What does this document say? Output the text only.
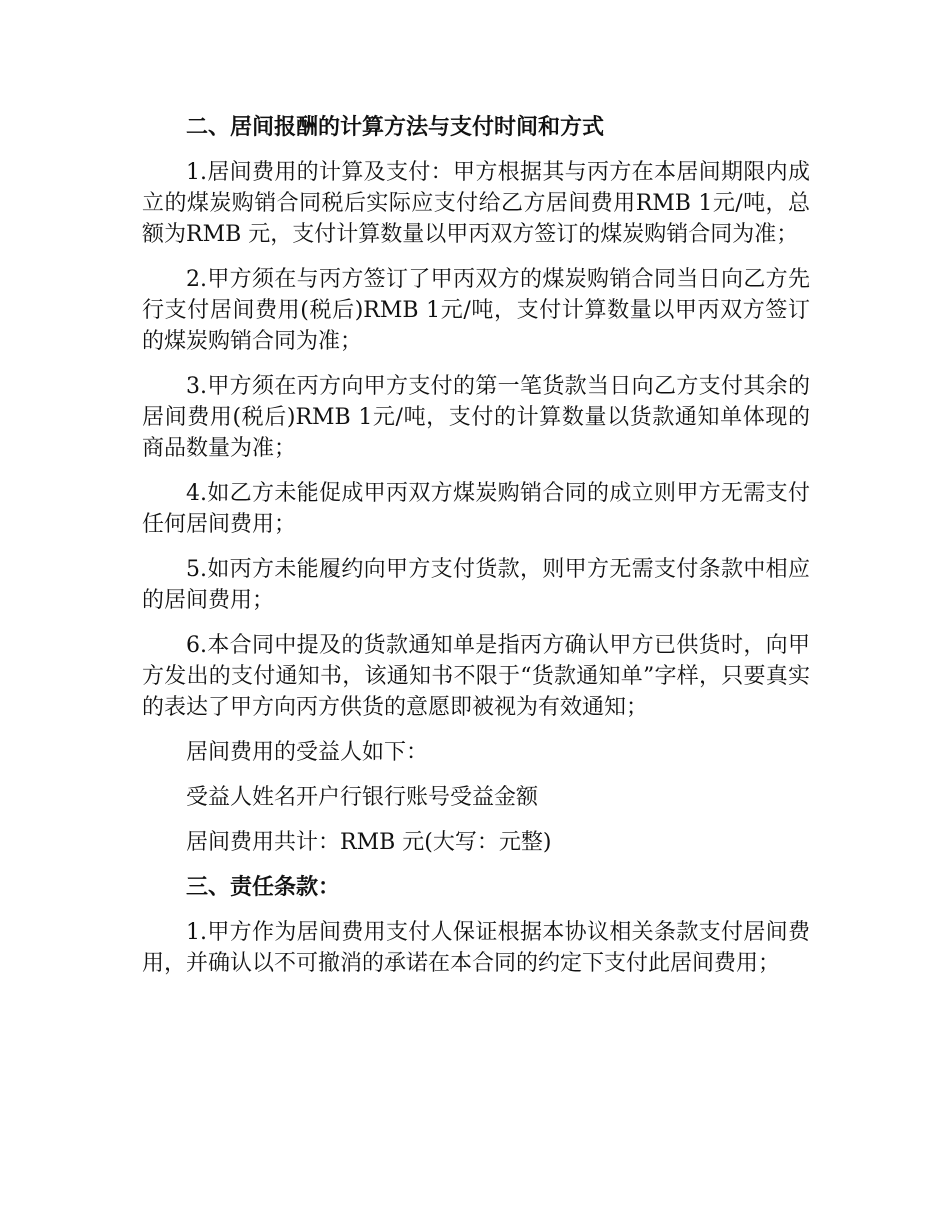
二、居间报酬的计算方法与支付时间和方式
1.居间费用的计算及支付：甲方根据其与丙方在本居间期限内成立的煤炭购销合同税后实际应支付给乙方居间费用RMB 1元/吨，总额为RMB 元，支付计算数量以甲丙双方签订的煤炭购销合同为准；
2.甲方须在与丙方签订了甲丙双方的煤炭购销合同当日向乙方先行支付居间费用(税后)RMB 1元/吨，支付计算数量以甲丙双方签订的煤炭购销合同为准；
3.甲方须在丙方向甲方支付的第一笔货款当日向乙方支付其余的居间费用(税后)RMB 1元/吨，支付的计算数量以货款通知单体现的商品数量为准；
4.如乙方未能促成甲丙双方煤炭购销合同的成立则甲方无需支付任何居间费用；
5.如丙方未能履约向甲方支付货款，则甲方无需支付条款中相应的居间费用；
6.本合同中提及的货款通知单是指丙方确认甲方已供货时，向甲方发出的支付通知书，该通知书不限于“货款通知单”字样，只要真实的表达了甲方向丙方供货的意愿即被视为有效通知；
居间费用的受益人如下：
受益人姓名开户行银行账号受益金额
居间费用共计：RMB 元(大写：元整)
三、责任条款：
1.甲方作为居间费用支付人保证根据本协议相关条款支付居间费用，并确认以不可撤消的承诺在本合同的约定下支付此居间费用；
